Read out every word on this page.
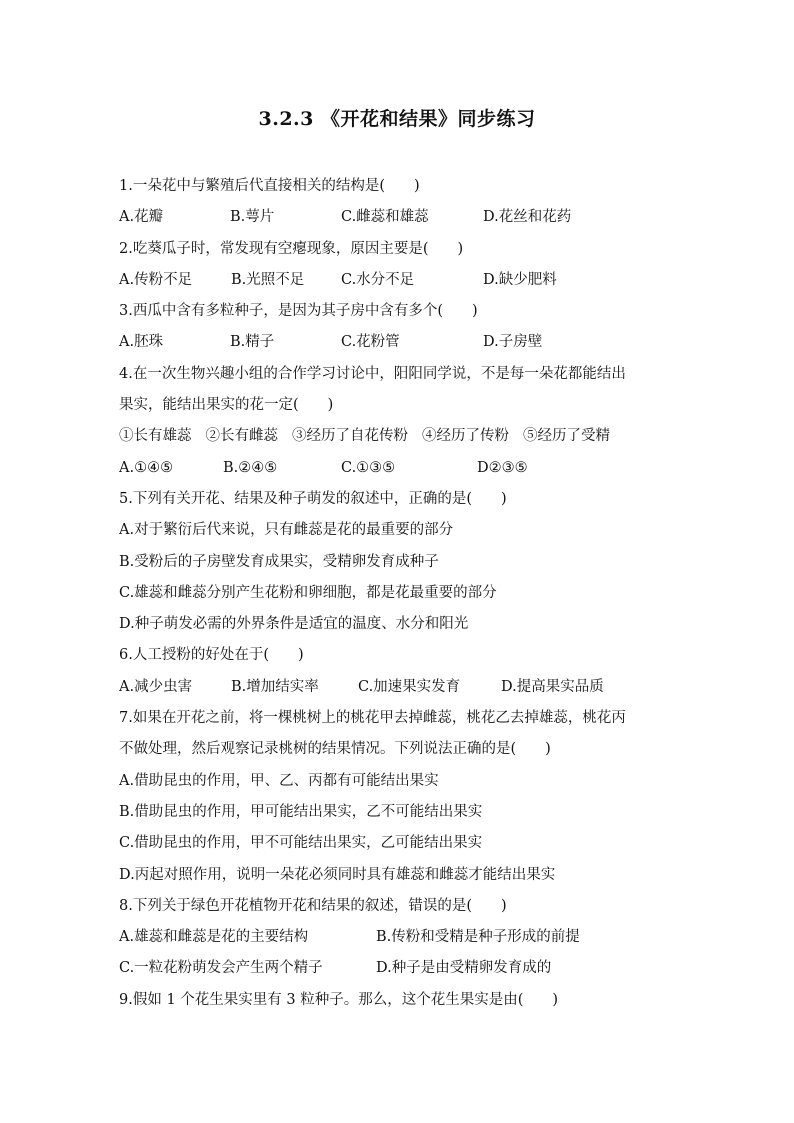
3.2.3 《开花和结果》同步练习
1.一朵花中与繁殖后代直接相关的结构是(　　)
A.花瓣	B.萼片	C.雌蕊和雄蕊	D.花丝和花药
2.吃葵瓜子时，常发现有空瘪现象，原因主要是(　　)
A.传粉不足	B.光照不足	C.水分不足	D.缺少肥料
3.西瓜中含有多粒种子，是因为其子房中含有多个(　　)
A.胚珠	B.精子	C.花粉管	D.子房壁
4.在一次生物兴趣小组的合作学习讨论中，阳阳同学说，不是每一朵花都能结出
果实，能结出果实的花一定(　　)
①长有雄蕊 ②长有雌蕊 ③经历了自花传粉 ④经历了传粉 ⑤经历了受精
A.①④⑤	B.②④⑤	C.①③⑤	D②③⑤
5.下列有关开花、结果及种子萌发的叙述中，正确的是(　　)
A.对于繁衍后代来说，只有雌蕊是花的最重要的部分
B.受粉后的子房壁发育成果实，受精卵发育成种子
C.雄蕊和雌蕊分别产生花粉和卵细胞，都是花最重要的部分
D.种子萌发必需的外界条件是适宜的温度、水分和阳光
6.人工授粉的好处在于(　　)
A.减少虫害	B.增加结实率	C.加速果实发育	D.提高果实品质
7.如果在开花之前，将一棵桃树上的桃花甲去掉雌蕊，桃花乙去掉雄蕊，桃花丙
不做处理，然后观察记录桃树的结果情况。下列说法正确的是(　　)
A.借助昆虫的作用，甲、乙、丙都有可能结出果实
B.借助昆虫的作用，甲可能结出果实，乙不可能结出果实
C.借助昆虫的作用，甲不可能结出果实，乙可能结出果实
D.丙起对照作用，说明一朵花必须同时具有雄蕊和雌蕊才能结出果实
8.下列关于绿色开花植物开花和结果的叙述，错误的是(　　)
A.雄蕊和雌蕊是花的主要结构	B.传粉和受精是种子形成的前提
C.一粒花粉萌发会产生两个精子	D.种子是由受精卵发育成的
9.假如 1 个花生果实里有 3 粒种子。那么，这个花生果实是由(　　)
